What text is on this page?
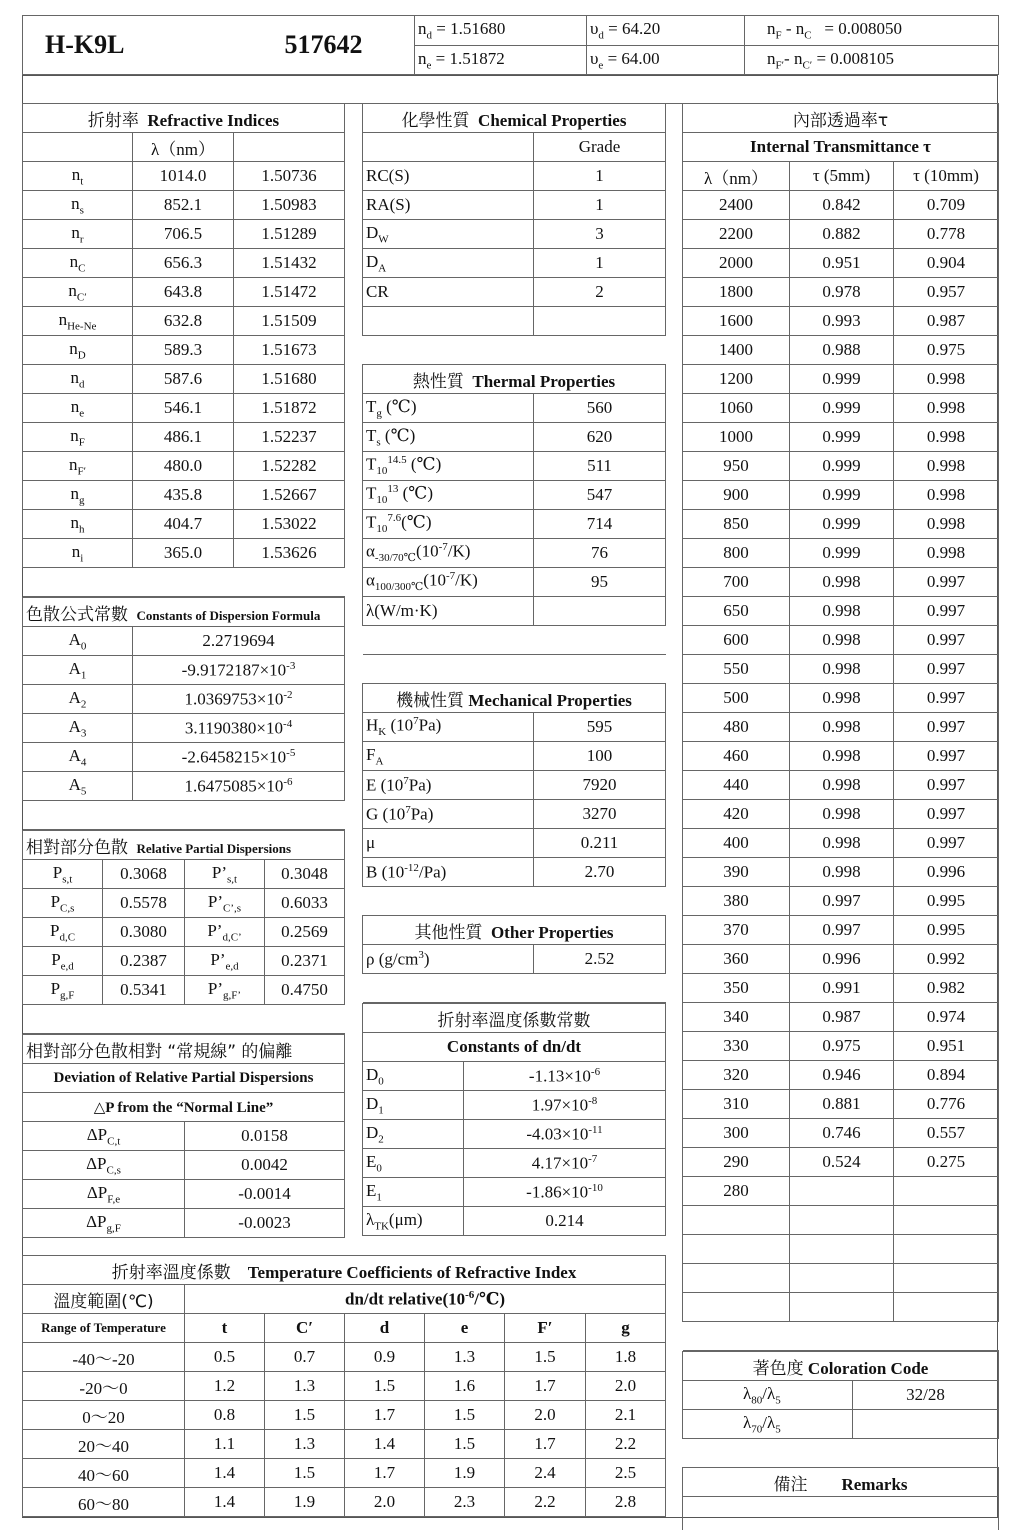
H-K9L 517642	$n_d = 1.51680$	$\upsilon_d = 64.20$	$n_F - n_C = 0.008050$
	$n_e = 1.51872$	$\upsilon_e = 64.00$	$n_{F'}-$ $n_{C'} = 0.008105$
折射率 Refractive Indices		
	λ（nm）	
$n_t$	1014.0	1.50736
$n_s$	852.1	1.50983
$n_r$	706.5	1.51289
$n_C$	656.3	1.51432
$n_{C'}$	643.8	1.51472
$n_{He-Ne}$	632.8	1.51509
$n_D$	589.3	1.51673
$n_d$	587.6	1.51680
$n_e$	546.1	1.51872
$n_F$	486.1	1.52237
$n_{F'}$	480.0	1.52282
$n_g$	435.8	1.52667
$n_h$	404.7	1.53022
$n_i$	365.0	1.53626

色散公式常數 Constants of Dispersion Formula	
$A_0$	2.2719694
$A_1$	$-9.9172187\times 10^{-3}$
$A_2$	$1.0369753\times 10^{-2}$
$A_3$	$3.1190380\times 10^{-4}$
$A_4$	$-2.6458215\times 10^{-5}$
$A_5$	$1.6475085\times 10^{-6}$

相對部分色散 Relative Partial Dispersions			
$P_{s,t}$	0.3068	$P’_{s,t}$	0.3048
$P_{C,s}$	0.5578	$P’_{C’,s}$	0.6033
$P_{d,C}$	0.3080	$P’_{d,C’}$	0.2569
$P_{e,d}$	0.2387	$P’_{e,d}$	0.2371
$P_{g,F}$	0.5341	$P’_{g,F’}$	0.4750

相對部分色散相對 “常規線” 的偏離	
Deviation of Relative Partial Dispersions	
△P from the “Normal Line”	
$\Delta P_{C,t}$	0.0158
$\Delta P_{C,s}$	0.0042
$\Delta P_{F,e}$	-0.0014
$\Delta P_{g,F}$	-0.0023
化學性質 Chemical Properties	
	Grade
RC(S)	1
RA(S)	1
$D_W$	3
$D_A$	1
CR	2

熱性質 Thermal Properties	
$T_g$ (℃)	560
$T_s$ (℃)	620
$T_{10}^{14.5}$ (℃)	511
$T_{10}^{13}$ (℃)	547
$T_{10}^{7.6}(℃)$	714
$\alpha_{-30/70℃}(10^{-7}/K)$	76
$\alpha_{100/300℃}(10^{-7}/K)$	95
λ(W/m·K)	

機械性質 Mechanical Properties	
$H_K$ $(10^7Pa)$	595
$F_A$	100
E $(10^7Pa)$	7920
G $(10^7Pa)$	3270
μ	0.211
B $(10^{-12}/Pa)$	2.70

其他性質 Other Properties	
ρ $(g/cm^3)$	2.52

折射率溫度係數常數	
Constants of dn/dt	
$D_0$	$-1.13\times 10^{-6}$
$D_1$	$1.97\times 10^{-8}$
$D_2$	$-4.03\times 10^{-11}$
$E_0$	$4.17\times 10^{-7}$
$E_1$	$-1.86\times 10^{-10}$
$\lambda_{TK}(\mu m)$	0.214
內部透過率τ		
Internal Transmittance τ		
λ（nm）	τ (5mm)	τ (10mm)
2400	0.842	0.709
2200	0.882	0.778
2000	0.951	0.904
1800	0.978	0.957
1600	0.993	0.987
1400	0.988	0.975
1200	0.999	0.998
1060	0.999	0.998
1000	0.999	0.998
950	0.999	0.998
900	0.999	0.998
850	0.999	0.998
800	0.999	0.998
700	0.998	0.997
650	0.998	0.997
600	0.998	0.997
550	0.998	0.997
500	0.998	0.997
480	0.998	0.997
460	0.998	0.997
440	0.998	0.997
420	0.998	0.997
400	0.998	0.997
390	0.998	0.996
380	0.997	0.995
370	0.997	0.995
360	0.996	0.992
350	0.991	0.982
340	0.987	0.974
330	0.975	0.951
320	0.946	0.894
310	0.881	0.776
300	0.746	0.557
290	0.524	0.275
280		

著色度 Coloration Code	
$\lambda_{80}/\lambda_5$	32/28
$\lambda_{70}/\lambda_5$	

備注 Remarks	

折射率溫度係數 Temperature Coefficients of Refractive Index						
溫度範圍(℃)	dn/dt $relative(10^{-6}/℃)$					
Range of Temperature	t	C′	d	e	F′	g
-40～-20	0.5	0.7	0.9	1.3	1.5	1.8
-20～0	1.2	1.3	1.5	1.6	1.7	2.0
0～20	0.8	1.5	1.7	1.5	2.0	2.1
20～40	1.1	1.3	1.4	1.5	1.7	2.2
40～60	1.4	1.5	1.7	1.9	2.4	2.5
60～80	1.4	1.9	2.0	2.3	2.2	2.8
